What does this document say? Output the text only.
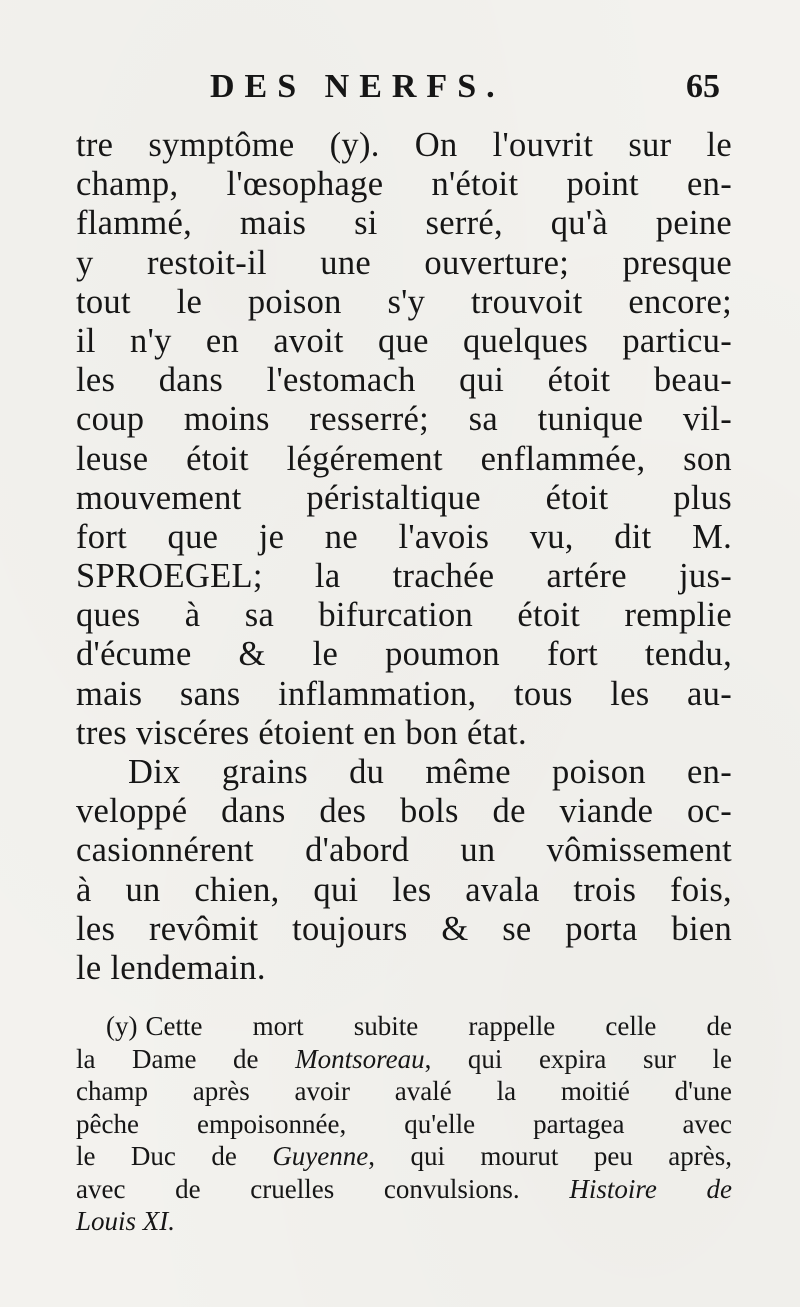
DES NERFS.	65
tre symptôme (y). On l'ouvrit sur le
champ, l'œsophage n'étoit point en-
flammé, mais si serré, qu'à peine
y restoit-il une ouverture; presque
tout le poison s'y trouvoit encore;
il n'y en avoit que quelques particu-
les dans l'estomach qui étoit beau-
coup moins resserré; sa tunique vil-
leuse étoit légérement enflammée, son
mouvement péristaltique étoit plus
fort que je ne l'avois vu, dit M.
SPROEGEL; la trachée artére jus-
ques à sa bifurcation étoit remplie
d'écume & le poumon fort tendu,
mais sans inflammation, tous les au-
tres viscéres étoient en bon état.
Dix grains du même poison en-
veloppé dans des bols de viande oc-
casionnérent d'abord un vômissement
à un chien, qui les avala trois fois,
les revômit toujours & se porta bien
le lendemain.
(y) Cette mort subite rappelle celle de
la Dame de Montsoreau, qui expira sur le
champ après avoir avalé la moitié d'une
pêche empoisonnée, qu'elle partagea avec
le Duc de Guyenne, qui mourut peu après,
avec de cruelles convulsions. Histoire de
Louis XI.
